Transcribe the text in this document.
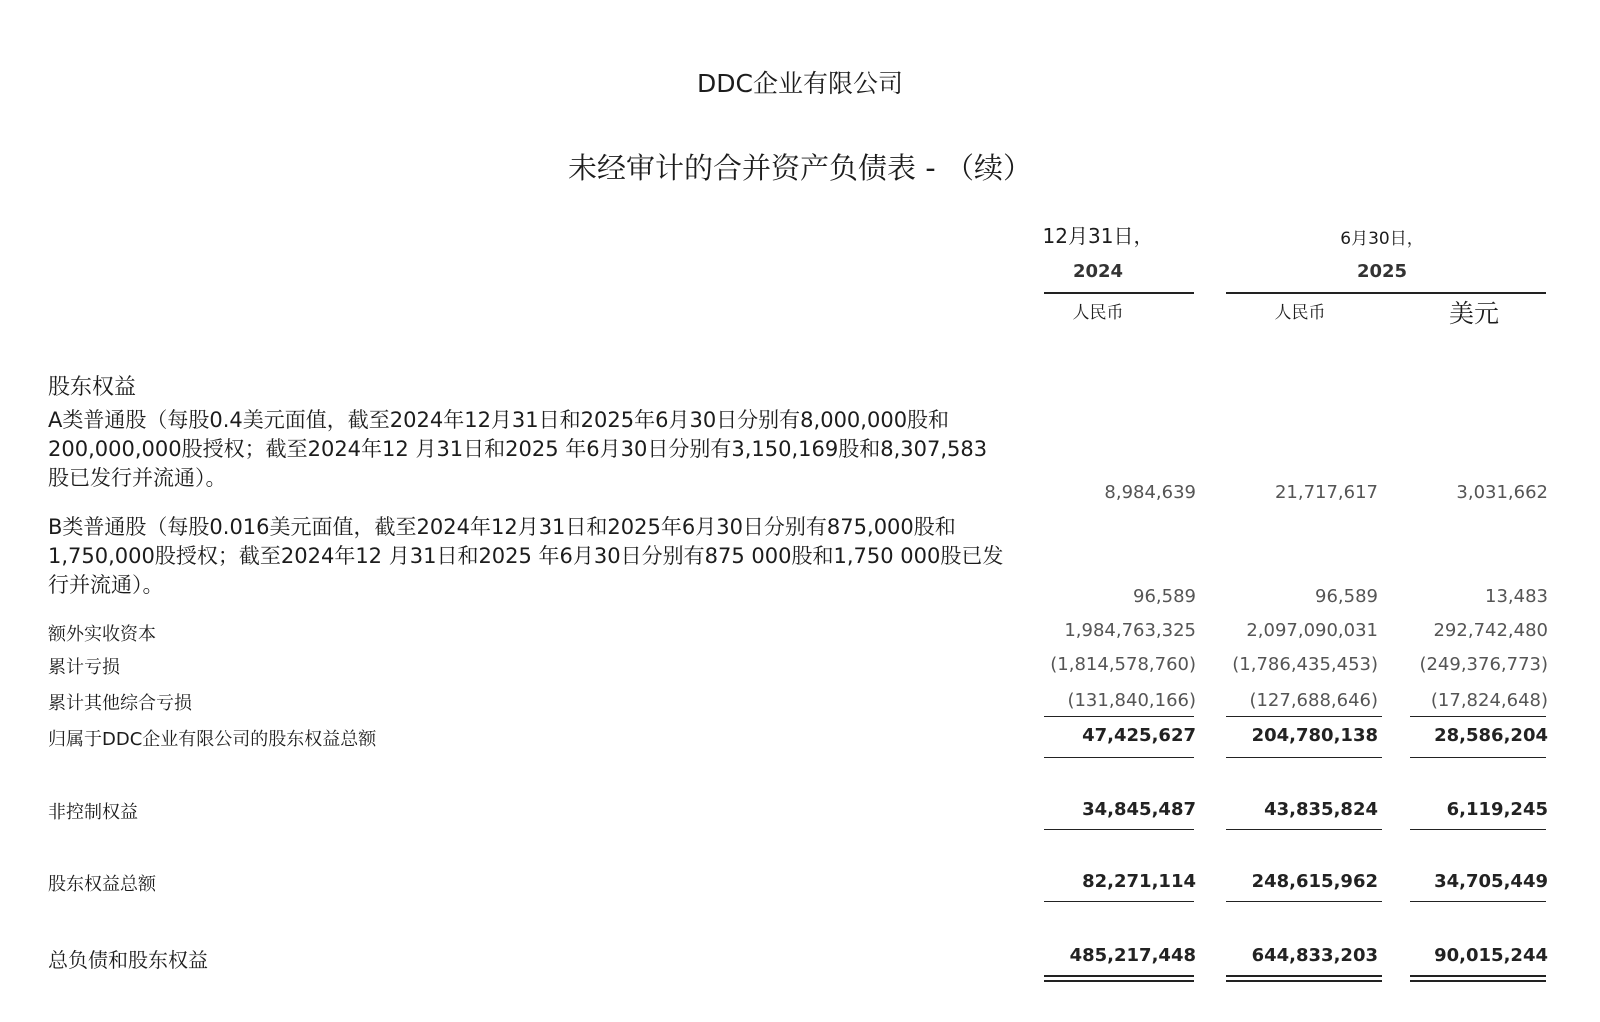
DDC企业有限公司
未经审计的合并资产负债表 - （续）
12月31日，
2024
人民币
6月30日，
2025
人民币	美元
股东权益
A类普通股（每股0.4美元面值，截至2024年12月31日和2025年6月30日分别有8,000,000股和200,000,000股授权；截至2024年12 月31日和2025 年6月30日分别有3,150,169股和8,307,583股已发行并流通）。
8,984,639	21,717,617	3,031,662
B类普通股（每股0.016美元面值，截至2024年12月31日和2025年6月30日分别有875,000股和1,750,000股授权；截至2024年12 月31日和2025 年6月30日分别有875 000股和1,750 000股已发行并流通）。	96,589	96,589	13,483
额外实收资本	1,984,763,325	2,097,090,031	292,742,480
累计亏损	(1,814,578,760)	(1,786,435,453)	(249,376,773)
累计其他综合亏损	(131,840,166)	(127,688,646)	(17,824,648)
归属于DDC企业有限公司的股东权益总额	47,425,627	204,780,138	28,586,204
非控制权益	34,845,487	43,835,824	6,119,245
股东权益总额	82,271,114	248,615,962	34,705,449
总负债和股东权益	485,217,448	644,833,203	90,015,244
